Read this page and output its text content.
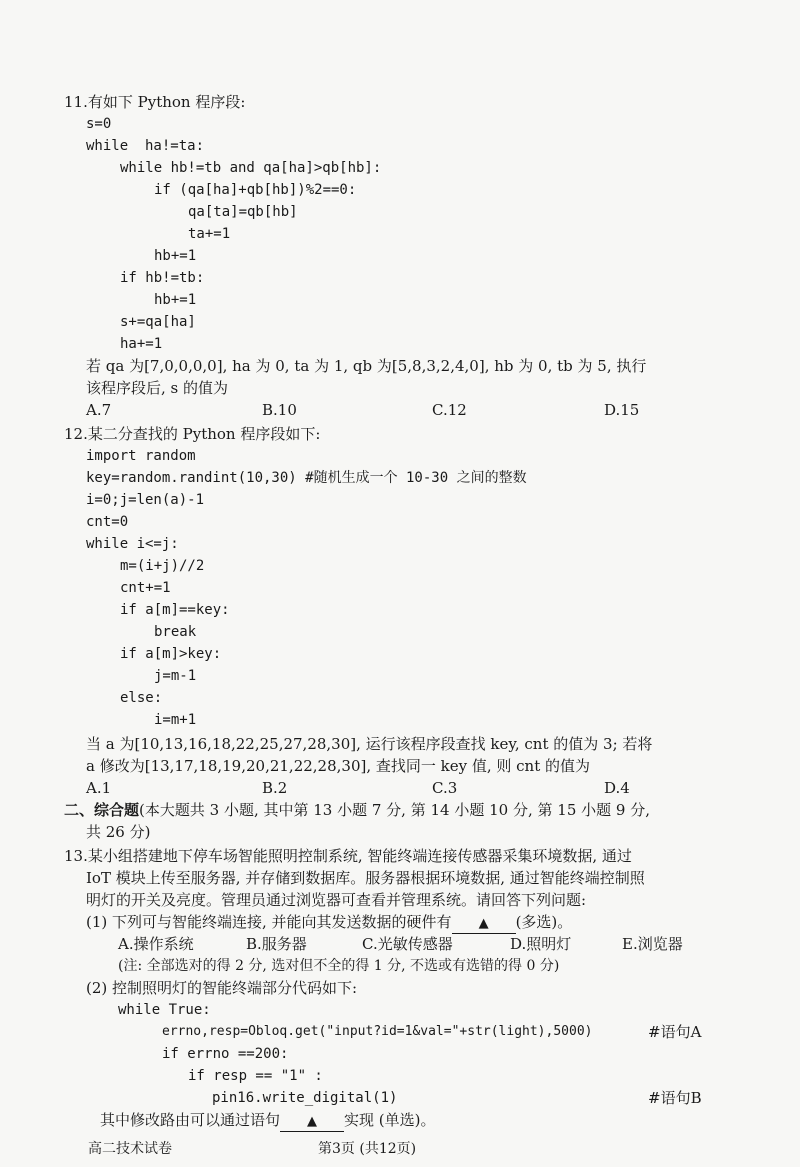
11.有如下 Python 程序段:
s=0
while  ha!=ta:
while hb!=tb and qa[ha]>qb[hb]:
if (qa[ha]+qb[hb])%2==0:
qa[ta]=qb[hb]
ta+=1
hb+=1
if hb!=tb:
hb+=1
s+=qa[ha]
ha+=1
若 qa 为[7,0,0,0,0], ha 为 0, ta 为 1, qb 为[5,8,3,2,4,0], hb 为 0, tb 为 5, 执行
该程序段后, s 的值为
A.7	B.10	C.12	D.15
12.某二分查找的 Python 程序段如下:
import random
key=random.randint(10,30) #随机生成一个 10-30 之间的整数
i=0;j=len(a)-1
cnt=0
while i<=j:
m=(i+j)//2
cnt+=1
if a[m]==key:
break
if a[m]>key:
j=m-1
else:
i=m+1
当 a 为[10,13,16,18,22,25,27,28,30], 运行该程序段查找 key, cnt 的值为 3; 若将
a 修改为[13,17,18,19,20,21,22,28,30], 查找同一 key 值, 则 cnt 的值为
A.1	B.2	C.3	D.4
二、综合题(本大题共 3 小题, 其中第 13 小题 7 分, 第 14 小题 10 分, 第 15 小题 9 分,
共 26 分)
13.某小组搭建地下停车场智能照明控制系统, 智能终端连接传感器采集环境数据, 通过
IoT 模块上传至服务器, 并存储到数据库。服务器根据环境数据, 通过智能终端控制照
明灯的开关及亮度。管理员通过浏览器可查看并管理系统。请回答下列问题:
(1) 下列可与智能终端连接, 并能向其发送数据的硬件有 ▲ (多选)。
A.操作系统	B.服务器	C.光敏传感器	D.照明灯	E.浏览器
(注: 全部选对的得 2 分, 选对但不全的得 1 分, 不选或有选错的得 0 分)
(2) 控制照明灯的智能终端部分代码如下:
while True:
errno,resp=Obloq.get("input?id=1&val="+str(light),5000)	#语句A
if errno ==200:
if resp == "1" :
pin16.write_digital(1)	#语句B
其中修改路由可以通过语句 ▲ 实现 (单选)。
高二技术试卷	第3页 (共12页)
